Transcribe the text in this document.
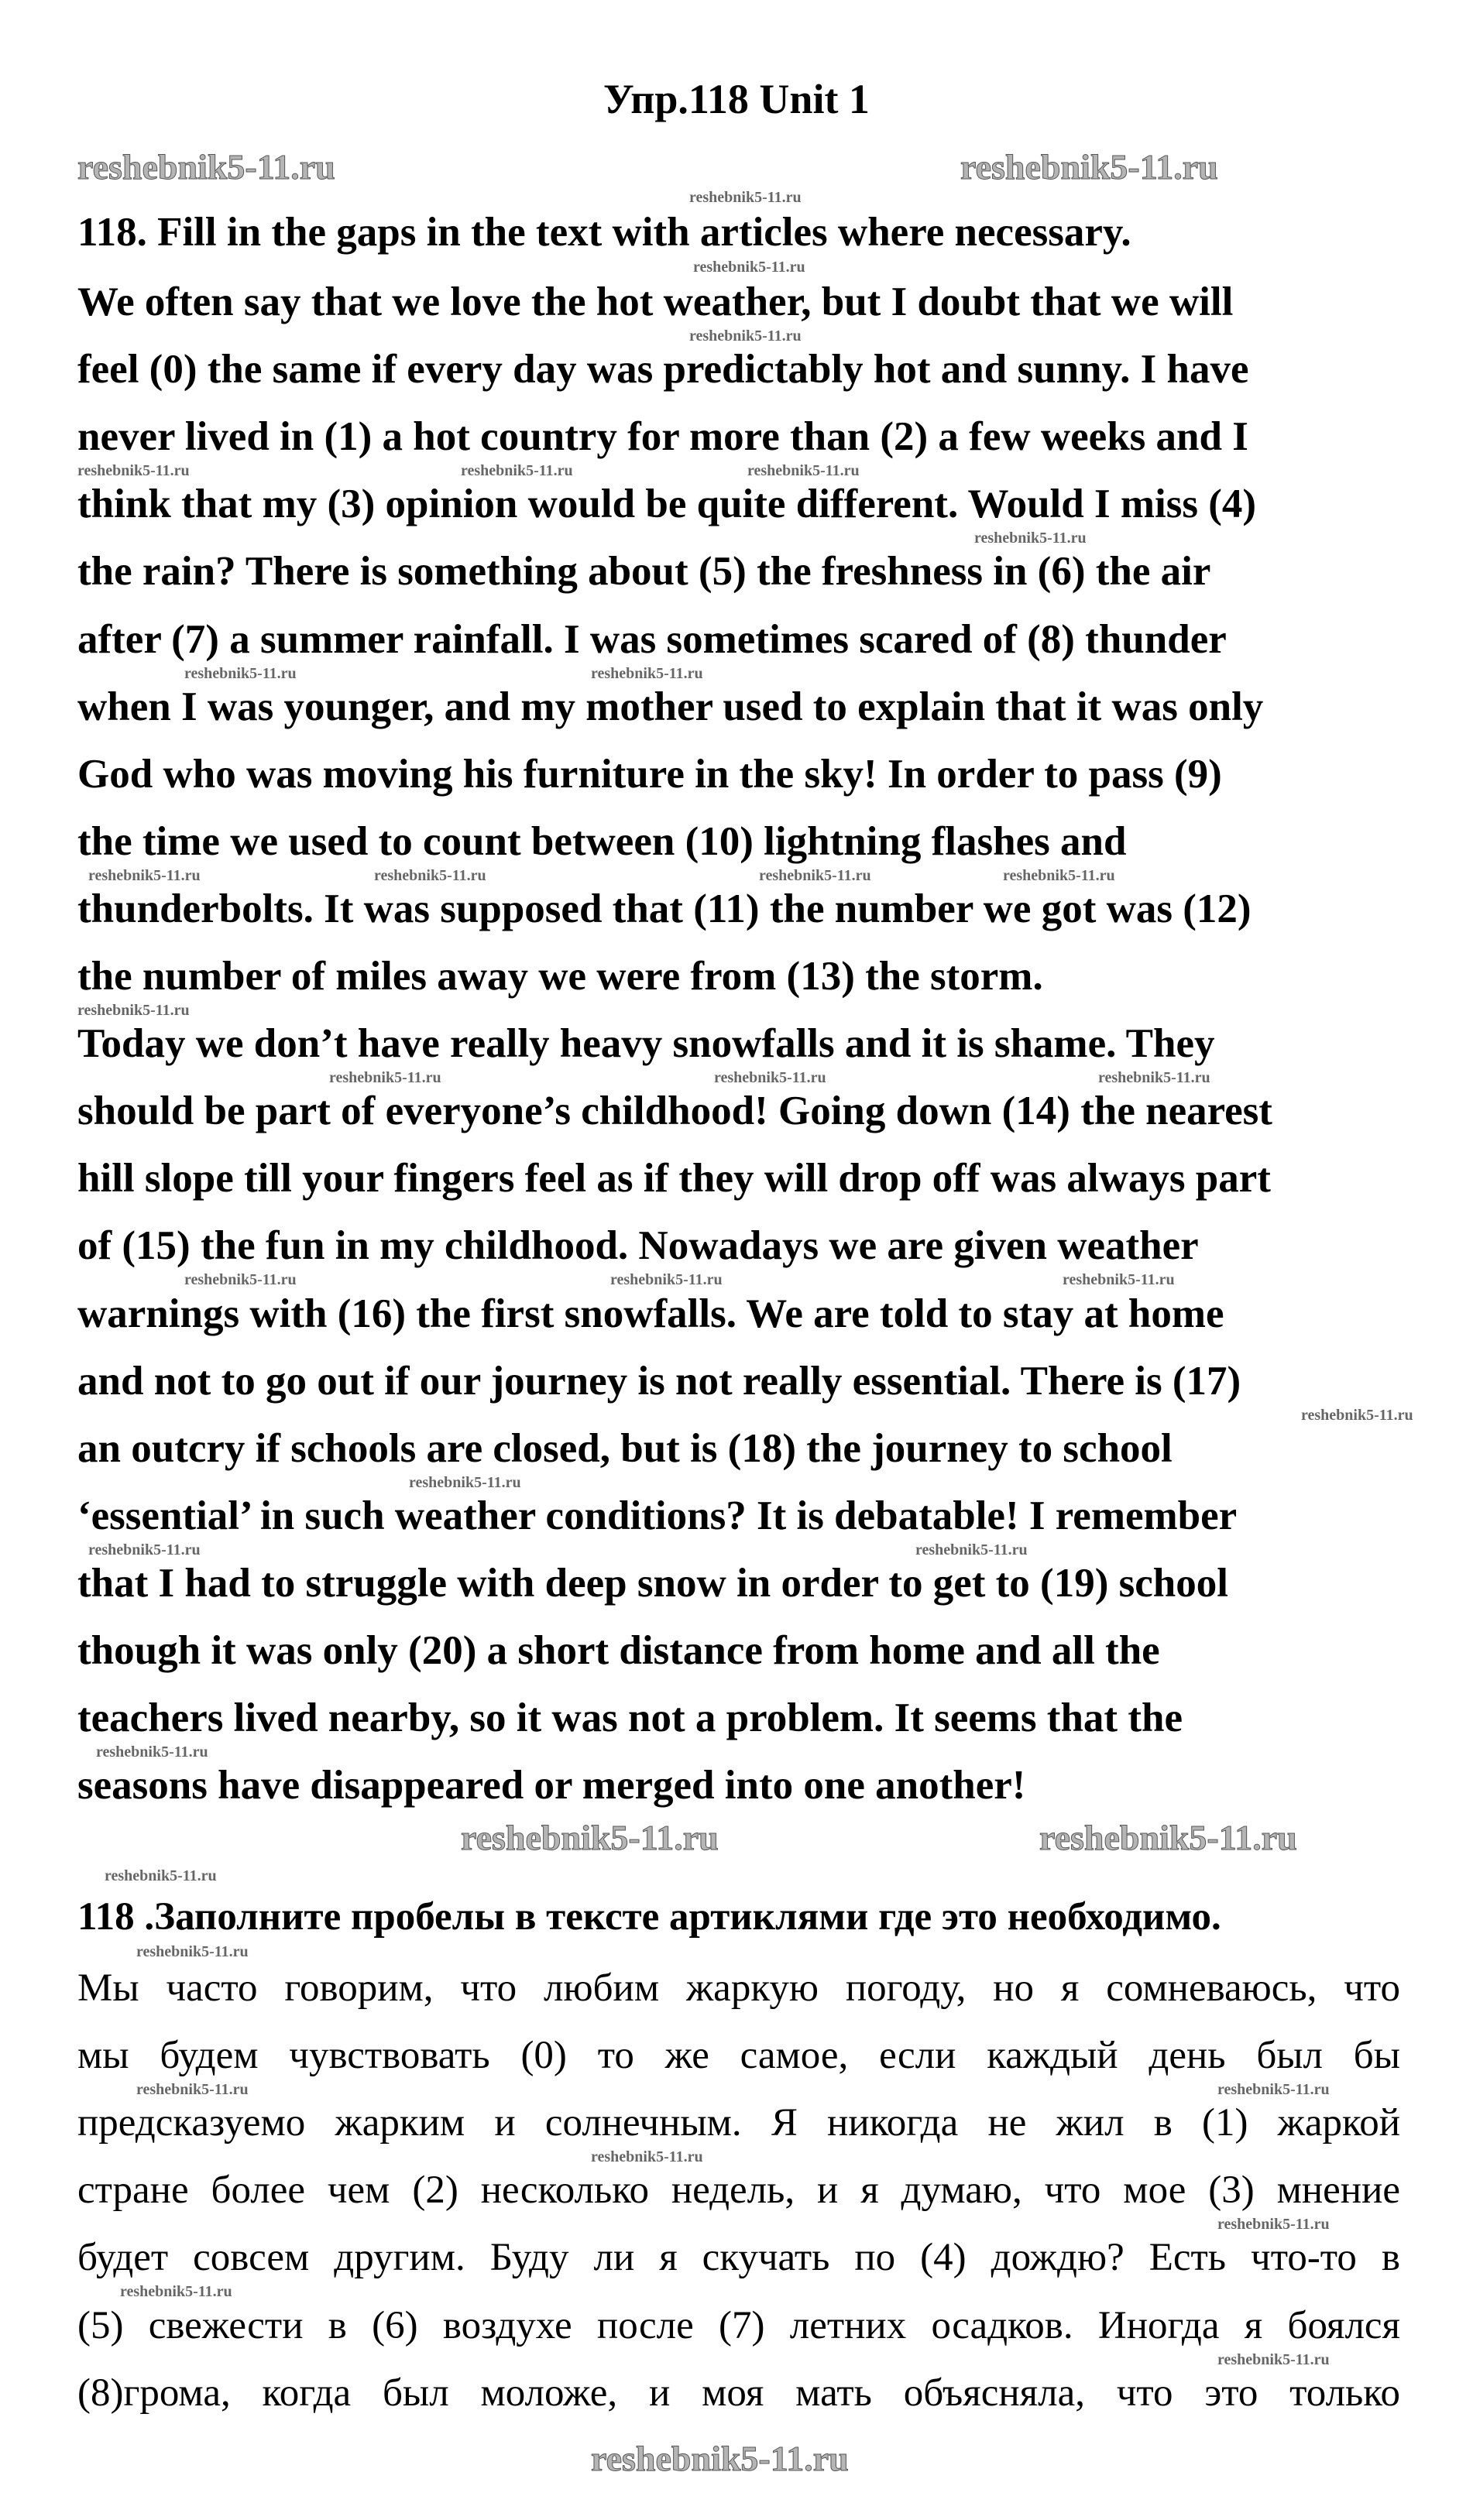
Упр.118 Unit 1
118. Fill in the gaps in the text with articles where necessary.
We often say that we love the hot weather, but I doubt that we will
feel (0) the same if every day was predictably hot and sunny. I have
never lived in (1) a hot country for more than (2) a few weeks and I
think that my (3) opinion would be quite different. Would I miss (4)
the rain? There is something about (5) the freshness in (6) the air
after (7) a summer rainfall. I was sometimes scared of (8) thunder
when I was younger, and my mother used to explain that it was only
God who was moving his furniture in the sky! In order to pass (9)
the time we used to count between (10) lightning flashes and
thunderbolts. It was supposed that (11) the number we got was (12)
the number of miles away we were from (13) the storm.
Today we don’t have really heavy snowfalls and it is shame. They
should be part of everyone’s childhood! Going down (14) the nearest
hill slope till your fingers feel as if they will drop off was always part
of (15) the fun in my childhood. Nowadays we are given weather
warnings with (16) the first snowfalls. We are told to stay at home
and not to go out if our journey is not really essential. There is (17)
an outcry if schools are closed, but is (18) the journey to school
‘essential’ in such weather conditions? It is debatable! I remember
that I had to struggle with deep snow in order to get to (19) school
though it was only (20) a short distance from home and all the
teachers lived nearby, so it was not a problem. It seems that the
seasons have disappeared or merged into one another!
118 .Заполните пробелы в тексте артиклями где это необходимо.
Мы часто говорим, что любим жаркую погоду, но я сомневаюсь, что
мы будем чувствовать (0) то же самое, если каждый день был бы
предсказуемо жарким и солнечным. Я никогда не жил в (1) жаркой
стране более чем (2) несколько недель, и я думаю, что мое (3) мнение
будет совсем другим. Буду ли я скучать по (4) дождю? Есть что-то в
(5) свежести в (6) воздухе после (7) летних осадков. Иногда я боялся
(8)грома, когда был моложе, и моя мать объясняла, что это только
reshebnik5-11.ru	reshebnik5-11.ru
reshebnik5-11.ru
reshebnik5-11.ru
reshebnik5-11.ru
reshebnik5-11.ru	reshebnik5-11.ru	reshebnik5-11.ru
reshebnik5-11.ru
reshebnik5-11.ru	reshebnik5-11.ru
reshebnik5-11.ru	reshebnik5-11.ru	reshebnik5-11.ru	reshebnik5-11.ru
reshebnik5-11.ru
reshebnik5-11.ru	reshebnik5-11.ru	reshebnik5-11.ru
reshebnik5-11.ru	reshebnik5-11.ru	reshebnik5-11.ru
reshebnik5-11.ru
reshebnik5-11.ru
reshebnik5-11.ru	reshebnik5-11.ru
reshebnik5-11.ru
reshebnik5-11.ru	reshebnik5-11.ru
reshebnik5-11.ru
reshebnik5-11.ru
reshebnik5-11.ru	reshebnik5-11.ru
reshebnik5-11.ru
reshebnik5-11.ru
reshebnik5-11.ru
reshebnik5-11.ru
reshebnik5-11.ru
